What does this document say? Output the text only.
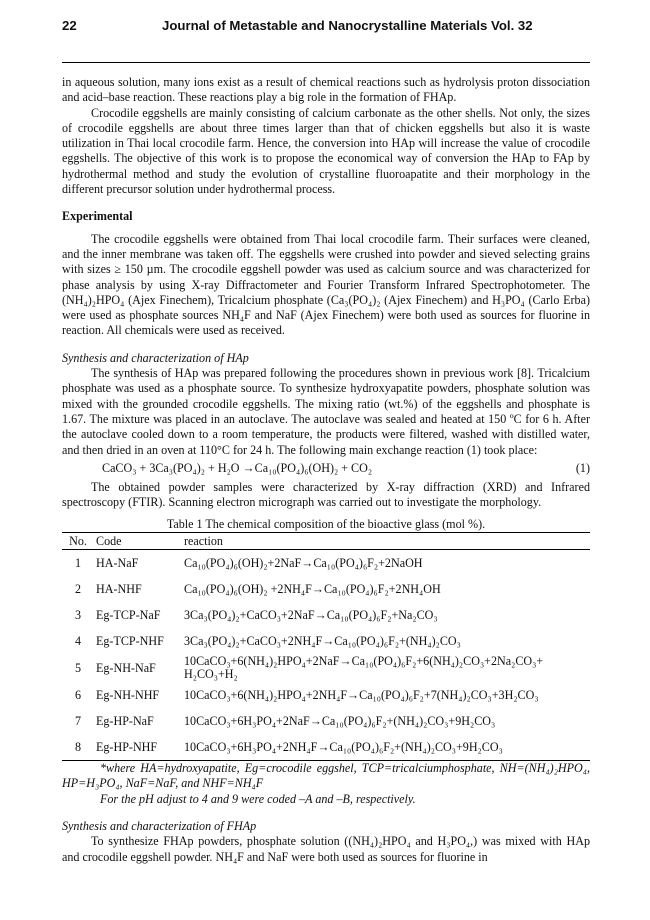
22	Journal of Metastable and Nanocrystalline Materials Vol. 32

in aqueous solution, many ions exist as a result of chemical reactions such as hydrolysis proton dissociation and acid–base reaction. These reactions play a big role in the formation of FHAp.

Crocodile eggshells are mainly consisting of calcium carbonate as the other shells. Not only, the sizes of crocodile eggshells are about three times larger than that of chicken eggshells but also it is waste utilization in Thai local crocodile farm. Hence, the conversion into HAp will increase the value of crocodile eggshells. The objective of this work is to propose the economical way of conversion the HAp to FAp by hydrothermal method and study the evolution of crystalline fluoroapatite and their morphology in the different precursor solution under hydrothermal process.

Experimental

The crocodile eggshells were obtained from Thai local crocodile farm. Their surfaces were cleaned, and the inner membrane was taken off. The eggshells were crushed into powder and sieved selecting grains with sizes ≥ 150 µm. The crocodile eggshell powder was used as calcium source and was characterized for phase analysis by using X-ray Diffractometer and Fourier Transform Infrared Spectrophotometer. The (NH₄)₂HPO₄ (Ajex Finechem), Tricalcium phosphate (Ca₃(PO₄)₂ (Ajex Finechem) and H₃PO₄ (Carlo Erba) were used as phosphate sources NH₄F and NaF (Ajex Finechem) were both used as sources for fluorine in reaction. All chemicals were used as received.

Synthesis and characterization of HAp

The synthesis of HAp was prepared following the procedures shown in previous work [8]. Tricalcium phosphate was used as a phosphate source. To synthesize hydroxyapatite powders, phosphate solution was mixed with the grounded crocodile eggshells. The mixing ratio (wt.%) of the eggshells and phosphate is 1.67. The mixture was placed in an autoclave. The autoclave was sealed and heated at 150 ºC for 6 h. After the autoclave cooled down to a room temperature, the products were filtered, washed with distilled water, and then dried in an oven at 110°C for 24 h. The following main exchange reaction (1) took place:

CaCO₃ + 3Ca₃(PO₄)₂ + H₂O →Ca₁₀(PO₄)₆(OH)₂ + CO₂	(1)

The obtained powder samples were characterized by X-ray diffraction (XRD) and Infrared spectroscopy (FTIR). Scanning electron micrograph was carried out to investigate the morphology.

Table 1 The chemical composition of the bioactive glass (mol %).
No.	Code	reaction
1	HA-NaF	Ca₁₀(PO₄)₆(OH)₂+2NaF→Ca₁₀(PO₄)₆F₂+2NaOH
2	HA-NHF	Ca₁₀(PO₄)₆(OH)₂ +2NH₄F→Ca₁₀(PO₄)₆F₂+2NH₄OH
3	Eg-TCP-NaF	3Ca₃(PO₄)₂+CaCO₃+2NaF→Ca₁₀(PO₄)₆F₂+Na₂CO₃
4	Eg-TCP-NHF	3Ca₃(PO₄)₂+CaCO₃+2NH₄F→Ca₁₀(PO₄)₆F₂+(NH₄)₂CO₃
5	Eg-NH-NaF	10CaCO₃+6(NH₄)₂HPO₄+2NaF→Ca₁₀(PO₄)₆F₂+6(NH₄)₂CO₃+2Na₂CO₃+ H₂CO₃+H₂
6	Eg-NH-NHF	10CaCO₃+6(NH₄)₂HPO₄+2NH₄F→Ca₁₀(PO₄)₆F₂+7(NH₄)₂CO₃+3H₂CO₃
7	Eg-HP-NaF	10CaCO₃+6H₃PO₄+2NaF→Ca₁₀(PO₄)₆F₂+(NH₄)₂CO₃+9H₂CO₃
8	Eg-HP-NHF	10CaCO₃+6H₃PO₄+2NH₄F→Ca₁₀(PO₄)₆F₂+(NH₄)₂CO₃+9H₂CO₃
*where HA=hydroxyapatite, Eg=crocodile eggshel, TCP=tricalciumphosphate, NH=(NH₄)₂HPO₄, HP=H₃PO₄, NaF=NaF, and NHF=NH₄F
For the pH adjust to 4 and 9 were coded –A and –B, respectively.
Synthesis and characterization of FHAp

To synthesize FHAp powders, phosphate solution ((NH₄)₂HPO₄ and H₃PO₄,) was mixed with HAp and crocodile eggshell powder. NH₄F and NaF were both used as sources for fluorine in
